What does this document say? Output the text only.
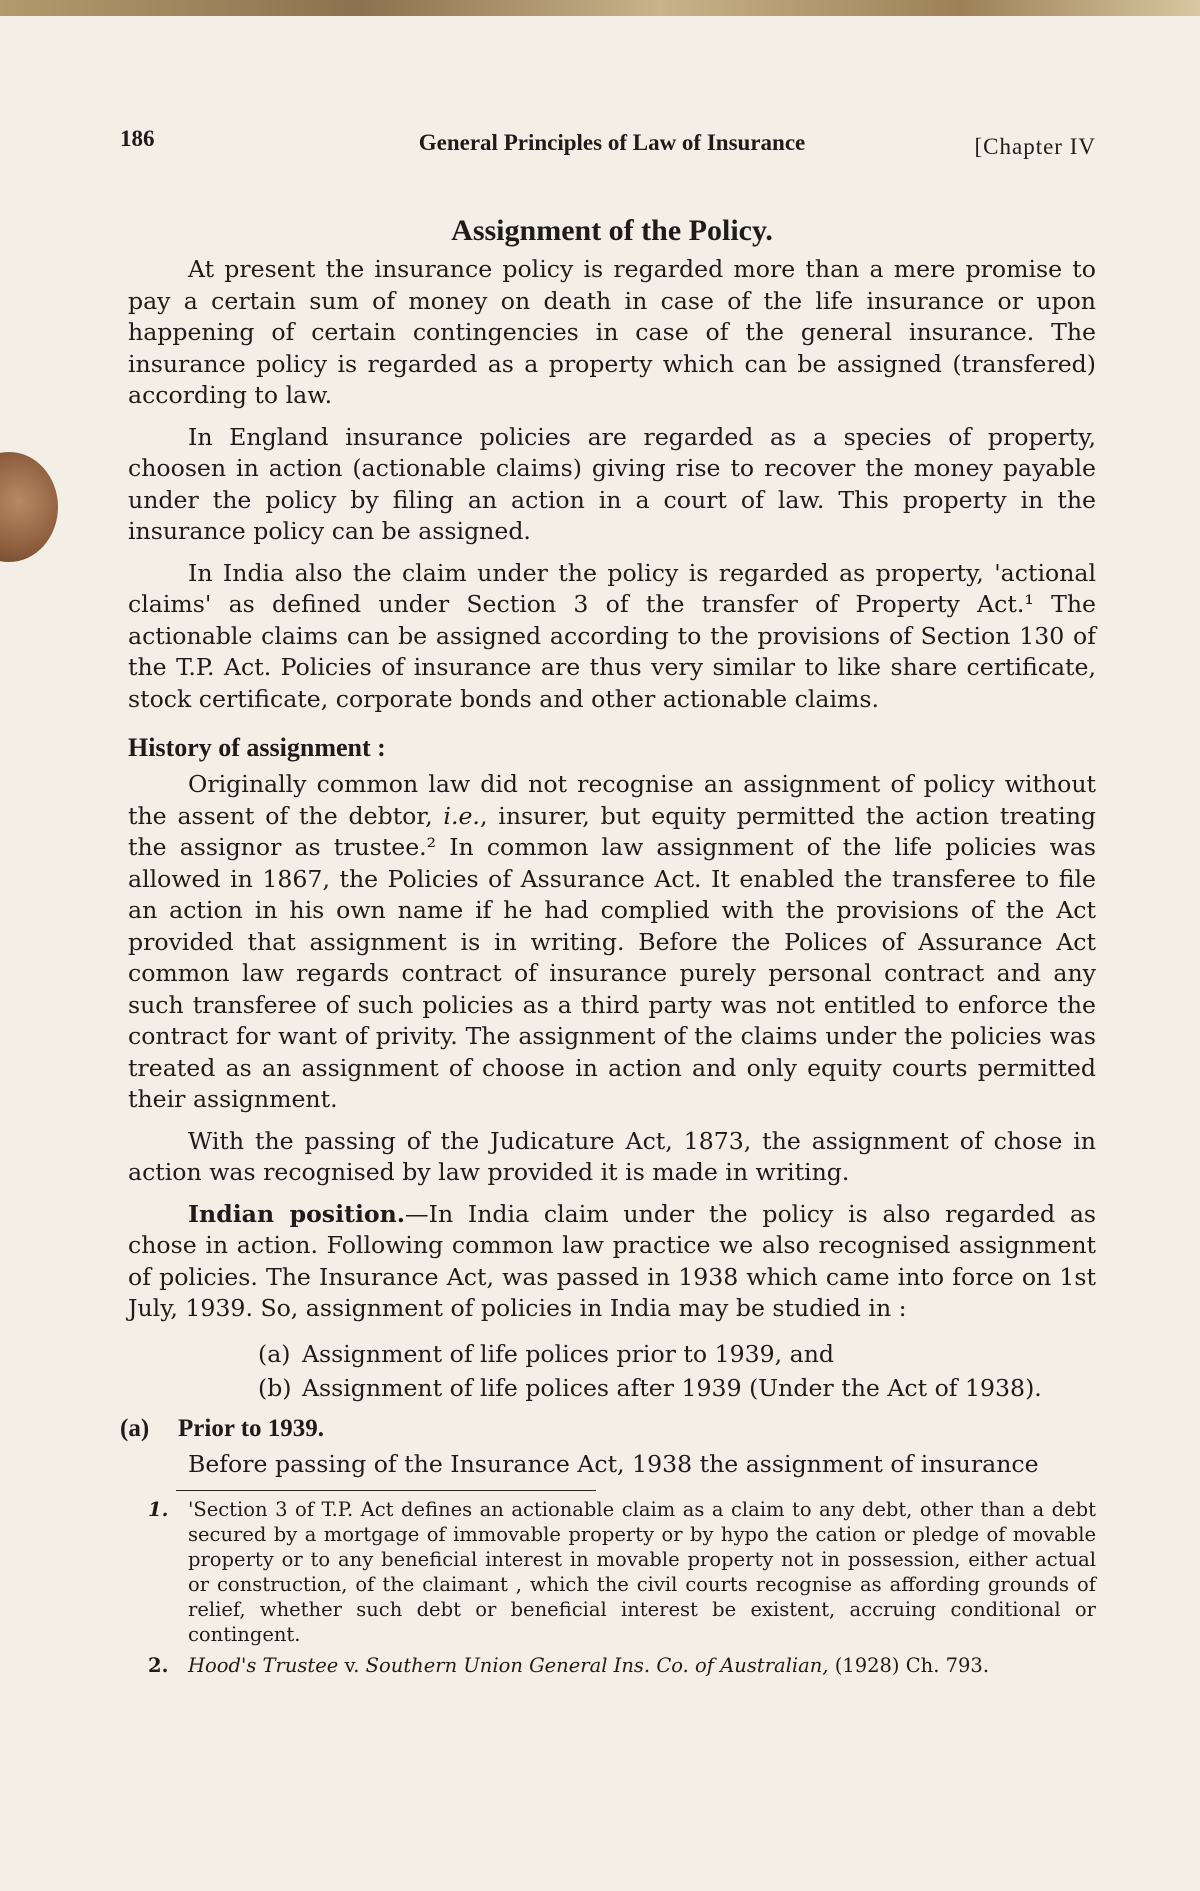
186	General Principles of Law of Insurance	[Chapter IV
Assignment of the Policy.

At present the insurance policy is regarded more than a mere promise to pay a certain sum of money on death in case of the life insurance or upon happening of certain contingencies in case of the general insurance. The insurance policy is regarded as a property which can be assigned (transfered) according to law.

In England insurance policies are regarded as a species of property, choosen in action (actionable claims) giving rise to recover the money payable under the policy by filing an action in a court of law. This property in the insurance policy can be assigned.

In India also the claim under the policy is regarded as property, 'actional claims' as defined under Section 3 of the transfer of Property Act.¹ The actionable claims can be assigned according to the provisions of Section 130 of the T.P. Act. Policies of insurance are thus very similar to like share certificate, stock certificate, corporate bonds and other actionable claims.

History of assignment :

Originally common law did not recognise an assignment of policy without the assent of the debtor, i.e., insurer, but equity permitted the action treating the assignor as trustee.² In common law assignment of the life policies was allowed in 1867, the Policies of Assurance Act. It enabled the transferee to file an action in his own name if he had complied with the provisions of the Act provided that assignment is in writing. Before the Polices of Assurance Act common law regards contract of insurance purely personal contract and any such transferee of such policies as a third party was not entitled to enforce the contract for want of privity. The assignment of the claims under the policies was treated as an assignment of choose in action and only equity courts permitted their assignment.

With the passing of the Judicature Act, 1873, the assignment of chose in action was recognised by law provided it is made in writing.

Indian position.—In India claim under the policy is also regarded as chose in action. Following common law practice we also recognised assignment of policies. The Insurance Act, was passed in 1938 which came into force on 1st July, 1939. So, assignment of policies in India may be studied in :

(a) Assignment of life polices prior to 1939, and
(b) Assignment of life polices after 1939 (Under the Act of 1938).
(a) Prior to 1939.

Before passing of the Insurance Act, 1938 the assignment of insurance

1. 'Section 3 of T.P. Act defines an actionable claim as a claim to any debt, other than a debt secured by a mortgage of immovable property or by hypo the cation or pledge of movable property or to any beneficial interest in movable property not in possession, either actual or construction, of the claimant , which the civil courts recognise as affording grounds of relief, whether such debt or beneficial interest be existent, accruing conditional or contingent.
2. Hood's Trustee v. Southern Union General Ins. Co. of Australian, (1928) Ch. 793.
